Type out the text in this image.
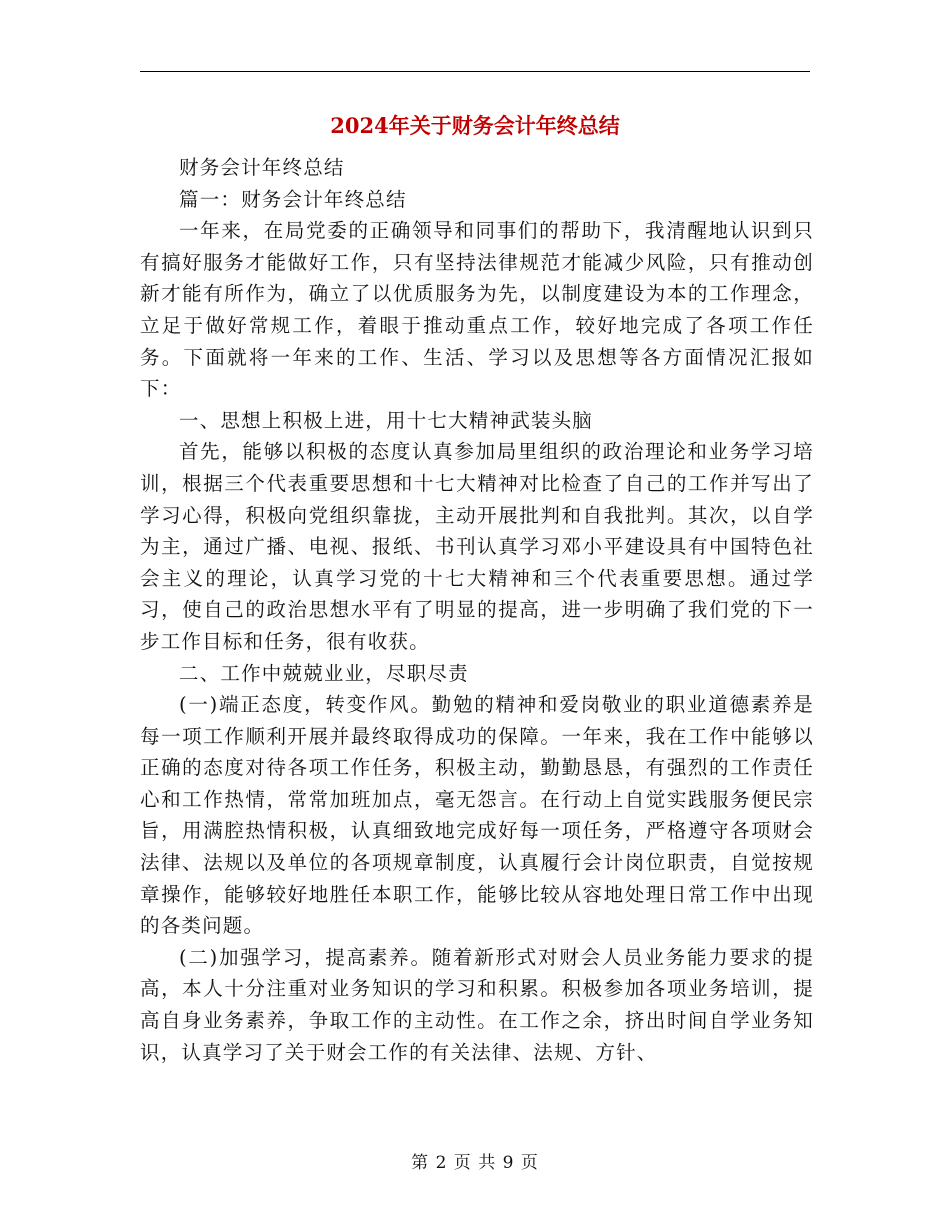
2024年关于财务会计年终总结

财务会计年终总结

篇一：财务会计年终总结

一年来，在局党委的正确领导和同事们的帮助下，我清醒地认识到只有搞好服务才能做好工作，只有坚持法律规范才能减少风险，只有推动创新才能有所作为，确立了以优质服务为先，以制度建设为本的工作理念，立足于做好常规工作，着眼于推动重点工作，较好地完成了各项工作任务。下面就将一年来的工作、生活、学习以及思想等各方面情况汇报如下：

一、思想上积极上进，用十七大精神武装头脑

首先，能够以积极的态度认真参加局里组织的政治理论和业务学习培训，根据三个代表重要思想和十七大精神对比检查了自己的工作并写出了学习心得，积极向党组织靠拢，主动开展批判和自我批判。其次，以自学为主，通过广播、电视、报纸、书刊认真学习邓小平建设具有中国特色社会主义的理论，认真学习党的十七大精神和三个代表重要思想。通过学习，使自己的政治思想水平有了明显的提高，进一步明确了我们党的下一步工作目标和任务，很有收获。

二、工作中兢兢业业，尽职尽责

(一)端正态度，转变作风。勤勉的精神和爱岗敬业的职业道德素养是每一项工作顺利开展并最终取得成功的保障。一年来，我在工作中能够以正确的态度对待各项工作任务，积极主动，勤勤恳恳，有强烈的工作责任心和工作热情，常常加班加点，毫无怨言。在行动上自觉实践服务便民宗旨，用满腔热情积极，认真细致地完成好每一项任务，严格遵守各项财会法律、法规以及单位的各项规章制度，认真履行会计岗位职责，自觉按规章操作，能够较好地胜任本职工作，能够比较从容地处理日常工作中出现的各类问题。

(二)加强学习，提高素养。随着新形式对财会人员业务能力要求的提高，本人十分注重对业务知识的学习和积累。积极参加各项业务培训，提高自身业务素养，争取工作的主动性。在工作之余，挤出时间自学业务知识，认真学习了关于财会工作的有关法律、法规、方针、

第 2 页 共 9 页
